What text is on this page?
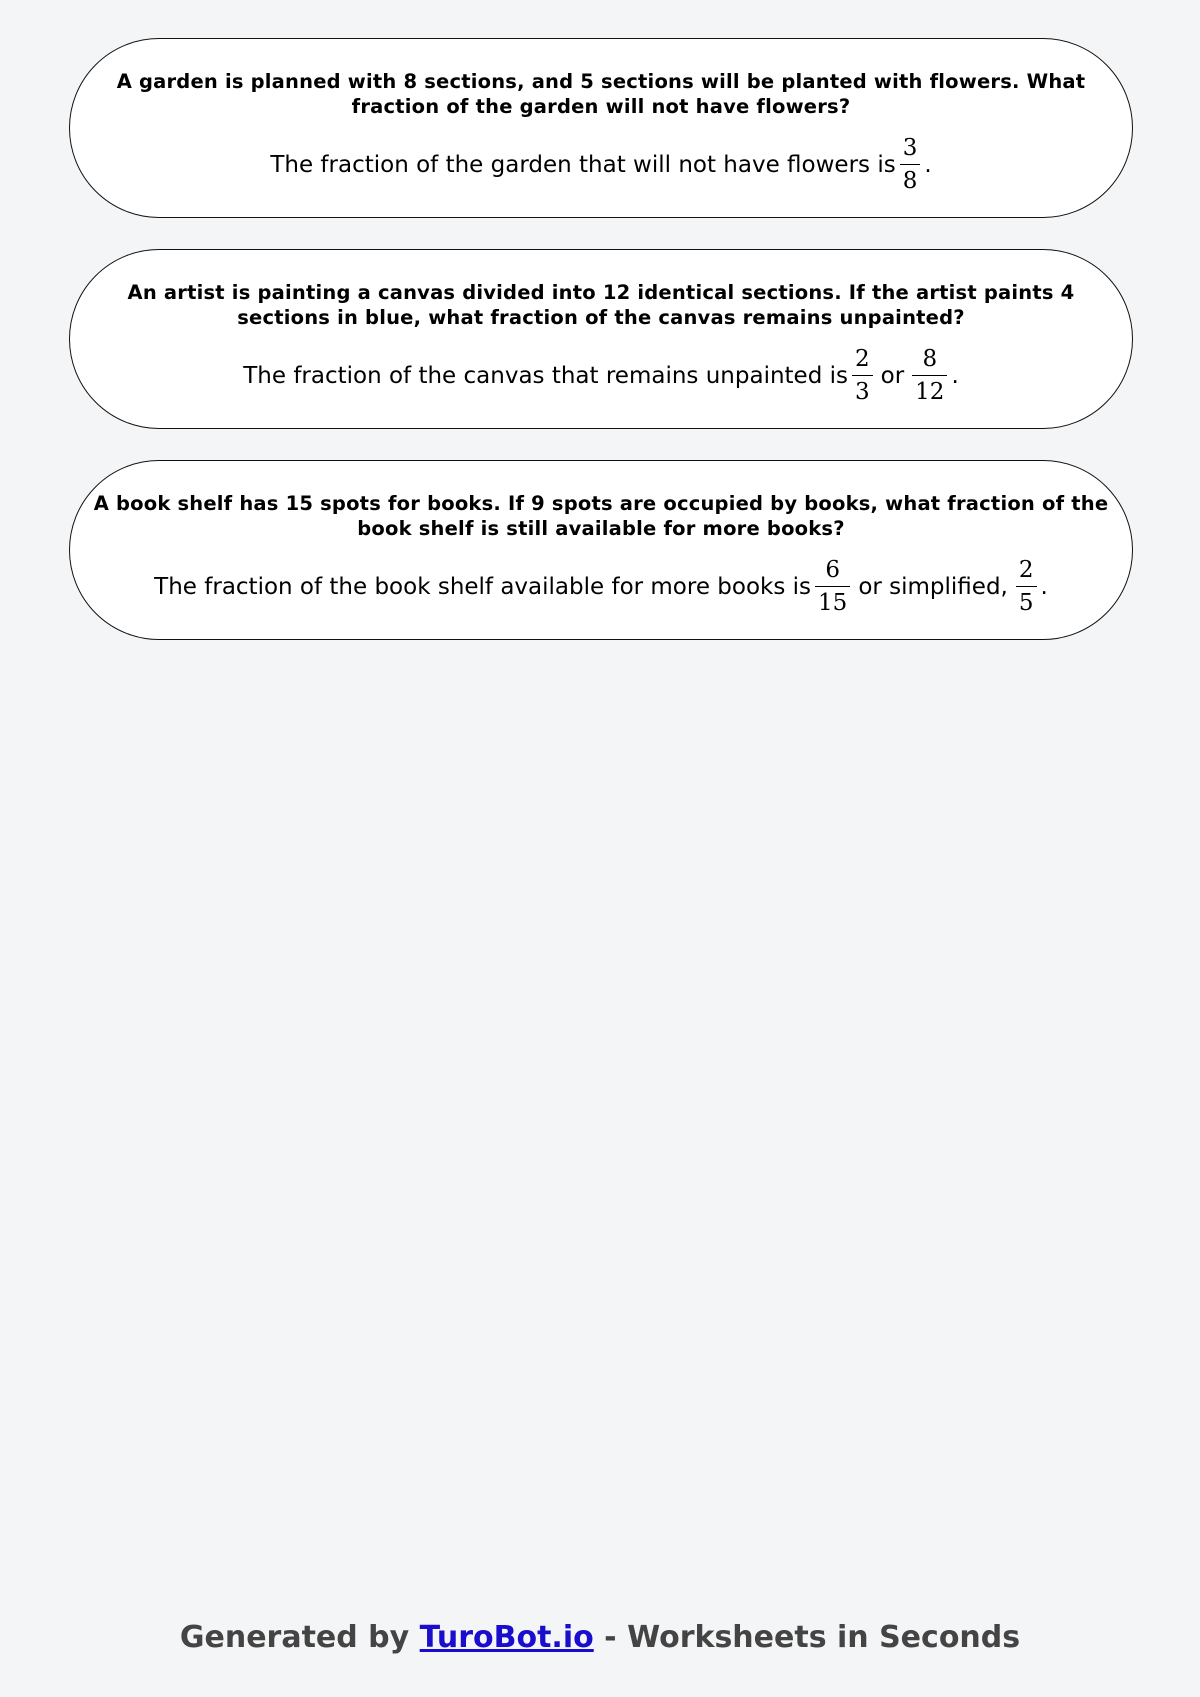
A garden is planned with 8 sections, and 5 sections will be planted with flowers. What fraction of the garden will not have flowers?

The fraction of the garden that will not have flowers is $\frac{3}{8}$ .

An artist is painting a canvas divided into 12 identical sections. If the artist paints 4 sections in blue, what fraction of the canvas remains unpainted?

The fraction of the canvas that remains unpainted is $\frac{2}{3}$ or $\frac{8}{12}$ .

A book shelf has 15 spots for books. If 9 spots are occupied by books, what fraction of the book shelf is still available for more books?

The fraction of the book shelf available for more books is $\frac{6}{15}$ or simplified, $\frac{2}{5}$ .
Generated by TuroBot.io - Worksheets in Seconds
